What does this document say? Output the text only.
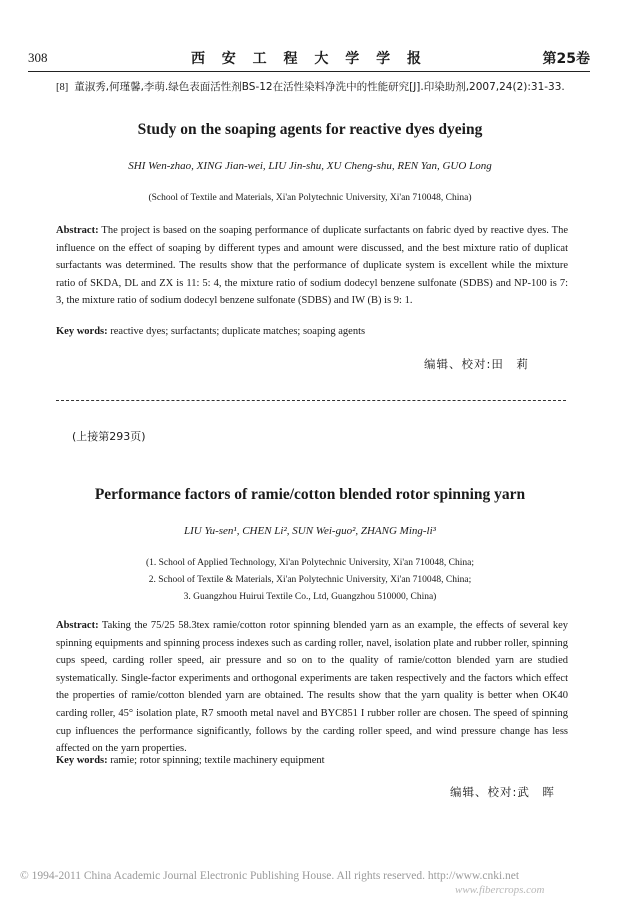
308	西 安 工 程 大 学 学 报	第25卷
[8] 董淑秀,何瑾馨,李萌.绿色表面活性剂BS-12在活性染料净洗中的性能研究[J].印染助剂,2007,24(2):31-33.
Study on the soaping agents for reactive dyes dyeing
SHI Wen-zhao, XING Jian-wei, LIU Jin-shu, XU Cheng-shu, REN Yan, GUO Long
(School of Textile and Materials, Xi'an Polytechnic University, Xi'an 710048, China)
Abstract: The project is based on the soaping performance of duplicate surfactants on fabric dyed by reactive dyes. The influence on the effect of soaping by different types and amount were discussed, and the best mixture ratio of duplicat surfactants was determined. The results show that the performance of duplicate system is excellent while the mixture ratio of SKDA, DL and ZX is 11: 5: 4, the mixture ratio of sodium dodecyl benzene sulfonate (SDBS) and NP-100 is 7: 3, the mixture ratio of sodium dodecyl benzene sulfonate (SDBS) and IW (B) is 9: 1.
Key words: reactive dyes; surfactants; duplicate matches; soaping agents
编辑、校对:田　莉
(上接第293页)
Performance factors of ramie/cotton blended rotor spinning yarn
LIU Yu-sen¹, CHEN Li², SUN Wei-guo², ZHANG Ming-li³
(1. School of Applied Technology, Xi'an Polytechnic University, Xi'an 710048, China;
2. School of Textile & Materials, Xi'an Polytechnic University, Xi'an 710048, China;
3. Guangzhou Huirui Textile Co., Ltd, Guangzhou 510000, China)
Abstract: Taking the 75/25 58.3tex ramie/cotton rotor spinning blended yarn as an example, the effects of several key spinning equipments and spinning process indexes such as carding roller, navel, isolation plate and rubber roller, spinning cups speed, carding roller speed, air pressure and so on to the quality of ramie/cotton blended yarn are studied systematically. Single-factor experiments and orthogonal experiments are taken respectively and the factors which effect the properties of ramie/cotton blended yarn are obtained. The results show that the yarn quality is better when OK40 carding roller, 45° isolation plate, R7 smooth metal navel and BYC851 I rubber roller are chosen. The speed of spinning cup influences the performance significantly, follows by the carding roller speed, and wind pressure change has less affected on the yarn properties.
Key words: ramie; rotor spinning; textile machinery equipment
编辑、校对:武　晖
© 1994-2011 China Academic Journal Electronic Publishing House. All rights reserved. http://www.cnki.net
www.fibercrops.com
